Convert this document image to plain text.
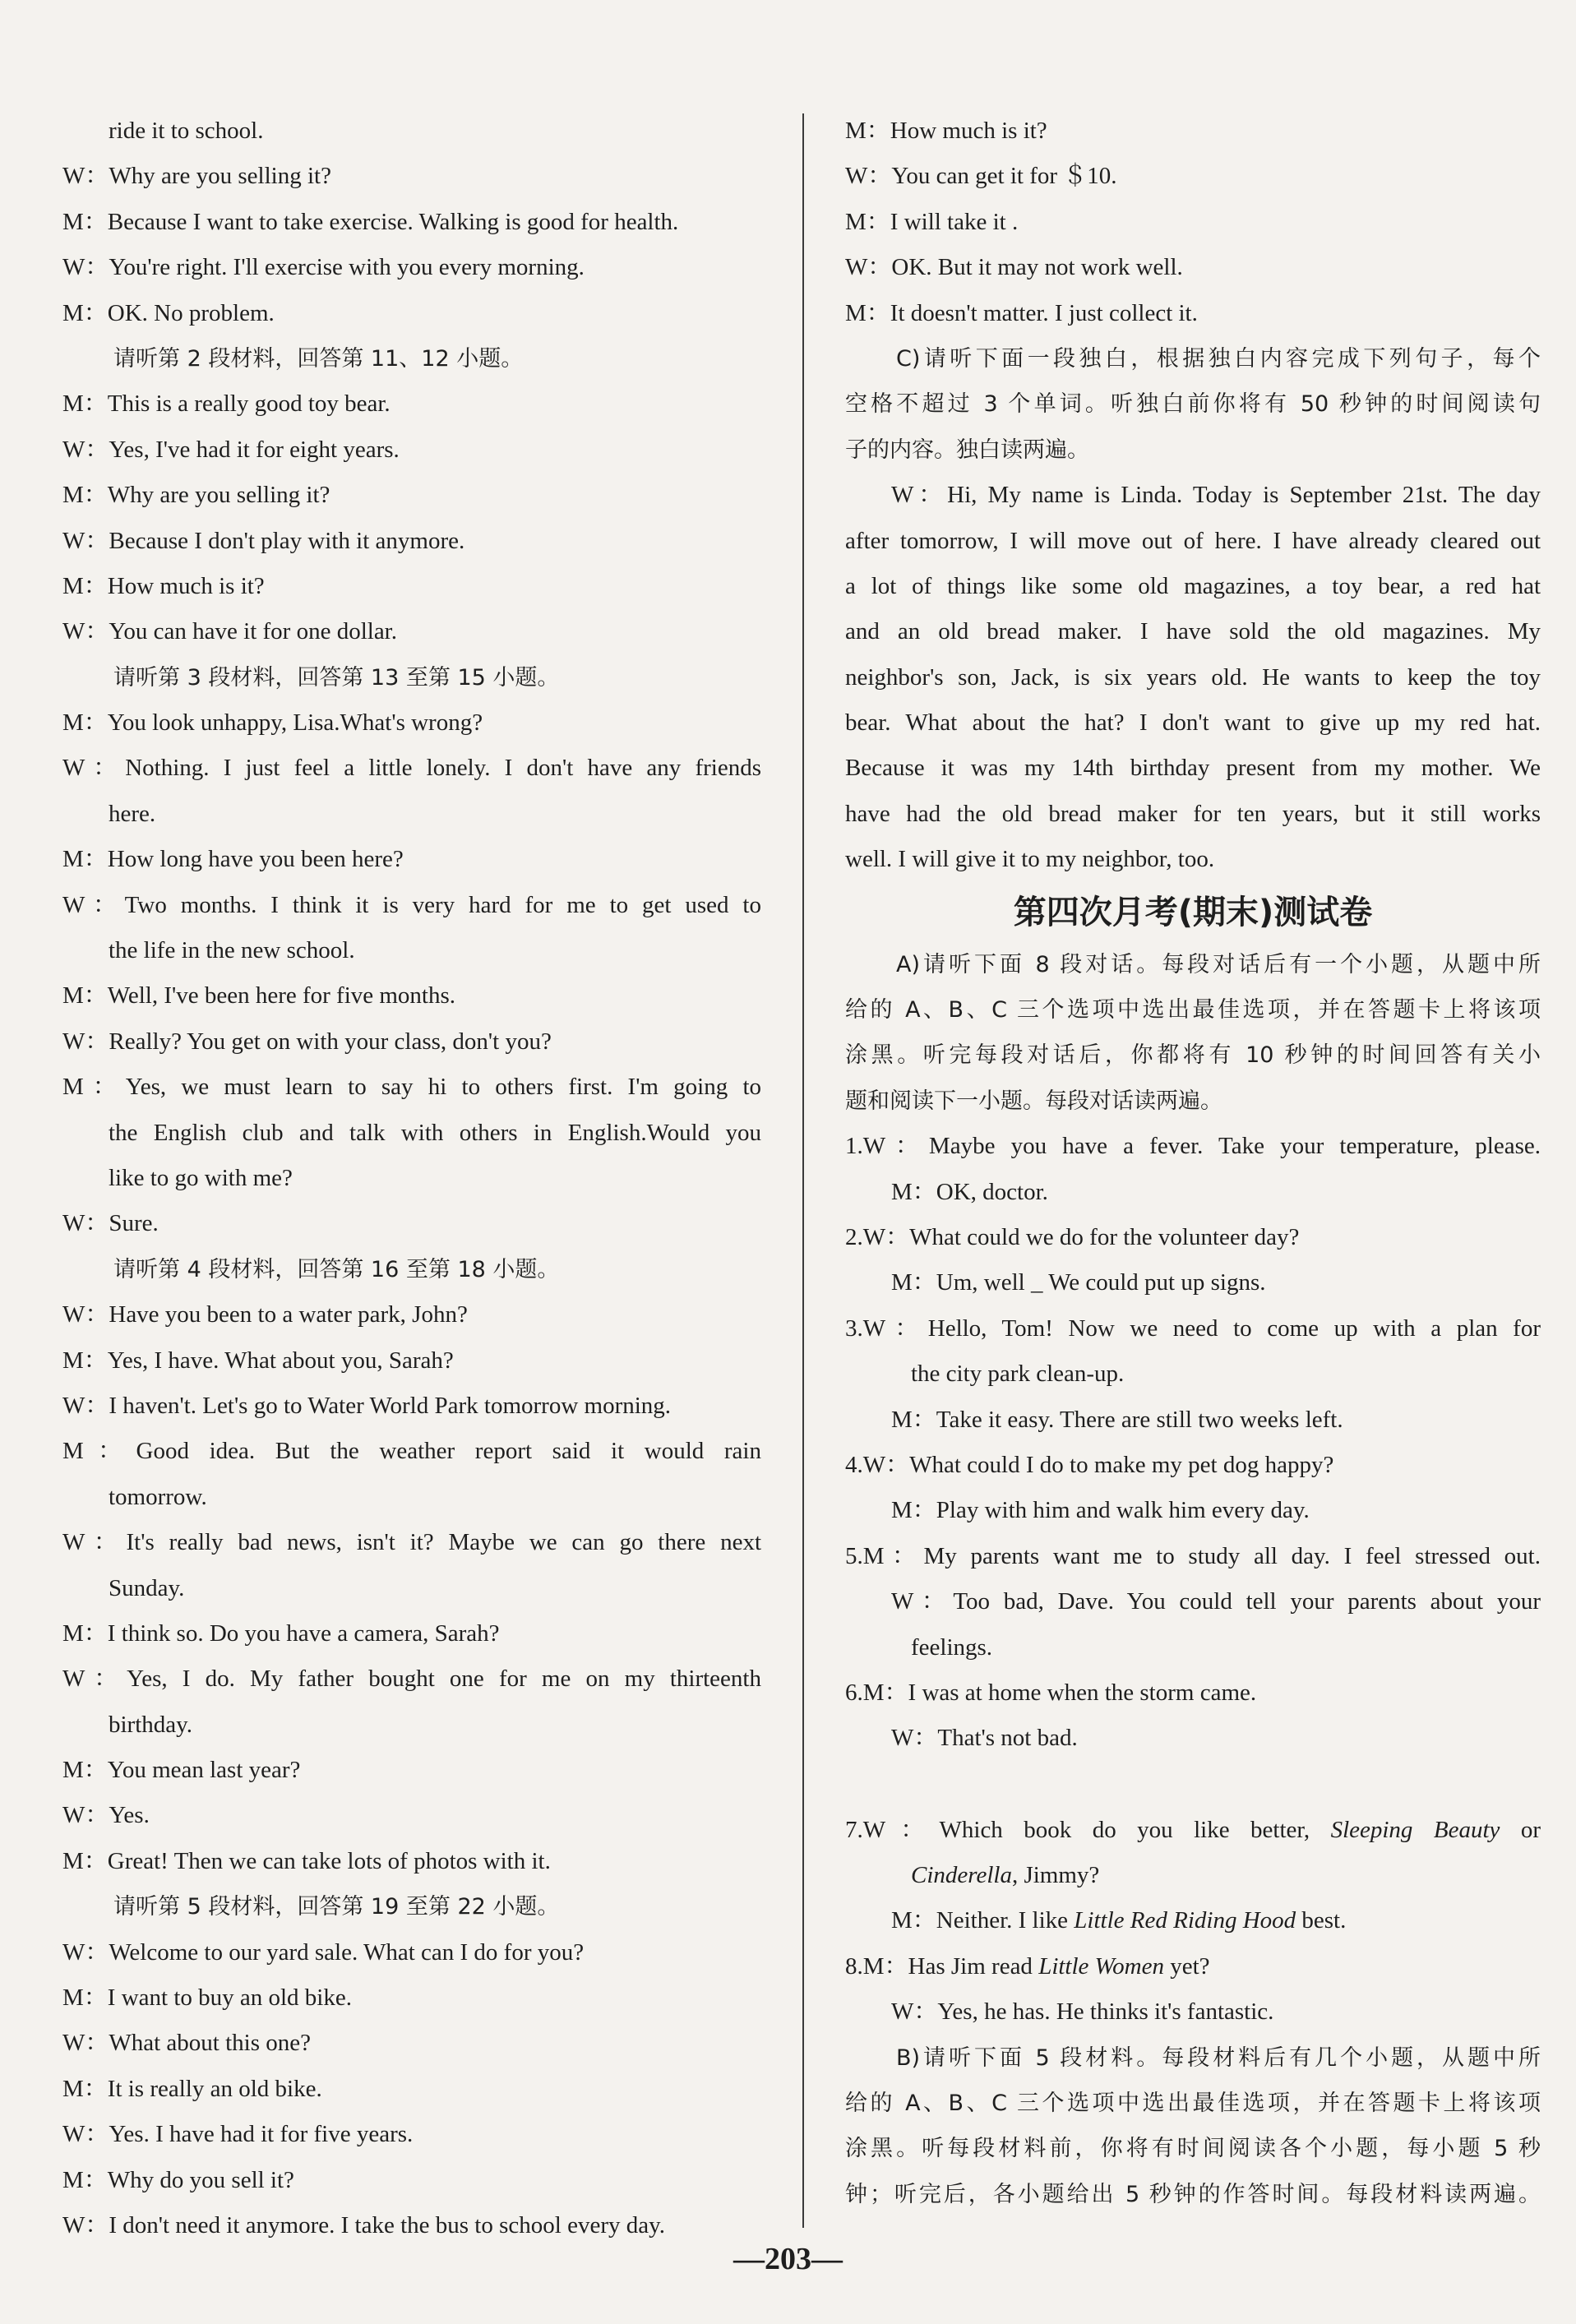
ride it to school.
W：Why are you selling it?
M：Because I want to take exercise. Walking is good for health.
W：You're right. I'll exercise with you every morning.
M：OK. No problem.
请听第 2 段材料，回答第 11、12 小题。
M：This is a really good toy bear.
W：Yes, I've had it for eight years.
M：Why are you selling it?
W：Because I don't play with it anymore.
M：How much is it?
W：You can have it for one dollar.
请听第 3 段材料，回答第 13 至第 15 小题。
M：You look unhappy, Lisa.What's wrong?
W：Nothing. I just feel a little lonely. I don't have any friends
here.
M：How long have you been here?
W：Two months. I think it is very hard for me to get used to
the life in the new school.
M：Well, I've been here for five months.
W：Really? You get on with your class, don't you?
M：Yes, we must learn to say hi to others first. I'm going to
the English club and talk with others in English.Would you
like to go with me?
W：Sure.
请听第 4 段材料，回答第 16 至第 18 小题。
W：Have you been to a water park, John?
M：Yes, I have. What about you, Sarah?
W：I haven't. Let's go to Water World Park tomorrow morning.
M：Good idea. But the weather report said it would rain
tomorrow.
W：It's really bad news, isn't it? Maybe we can go there next
Sunday.
M：I think so. Do you have a camera, Sarah?
W：Yes, I do. My father bought one for me on my thirteenth
birthday.
M：You mean last year?
W：Yes.
M：Great! Then we can take lots of photos with it.
请听第 5 段材料，回答第 19 至第 22 小题。
W：Welcome to our yard sale. What can I do for you?
M：I want to buy an old bike.
W：What about this one?
M：It is really an old bike.
W：Yes. I have had it for five years.
M：Why do you sell it?
W：I don't need it anymore. I take the bus to school every day.
M：How much is it?
W：You can get it for ＄10.
M：I will take it .
W：OK. But it may not work well.
M：It doesn't matter. I just collect it.
C)请听下面一段独白，根据独白内容完成下列句子，每个
空格不超过 3 个单词。听独白前你将有 50 秒钟的时间阅读句
子的内容。独白读两遍。
W：Hi, My name is Linda. Today is September 21st. The day
after tomorrow, I will move out of here. I have already cleared out
a lot of things like some old magazines, a toy bear, a red hat
and an old bread maker. I have sold the old magazines. My
neighbor's son, Jack, is six years old. He wants to keep the toy
bear. What about the hat? I don't want to give up my red hat.
Because it was my 14th birthday present from my mother. We
have had the old bread maker for ten years, but it still works
well. I will give it to my neighbor, too.
第四次月考(期末)测试卷
A)请听下面 8 段对话。每段对话后有一个小题，从题中所
给的 A、B、C 三个选项中选出最佳选项，并在答题卡上将该项
涂黑。听完每段对话后，你都将有 10 秒钟的时间回答有关小
题和阅读下一小题。每段对话读两遍。
1.W：Maybe you have a fever. Take your temperature, please.
M：OK, doctor.
2.W：What could we do for the volunteer day?
M：Um, well _ We could put up signs.
3.W：Hello, Tom! Now we need to come up with a plan for
the city park clean-up.
M：Take it easy. There are still two weeks left.
4.W：What could I do to make my pet dog happy?
M：Play with him and walk him every day.
5.M：My parents want me to study all day. I feel stressed out.
W：Too bad, Dave. You could tell your parents about your
feelings.
6.M：I was at home when the storm came.
W：That's not bad.
7.W：Which book do you like better, Sleeping Beauty or
Cinderella, Jimmy?
M：Neither. I like Little Red Riding Hood best.
8.M：Has Jim read Little Women yet?
W：Yes, he has. He thinks it's fantastic.
B)请听下面 5 段材料。每段材料后有几个小题，从题中所
给的 A、B、C 三个选项中选出最佳选项，并在答题卡上将该项
涂黑。听每段材料前，你将有时间阅读各个小题，每小题 5 秒
钟；听完后，各小题给出 5 秒钟的作答时间。每段材料读两遍。
—203—
